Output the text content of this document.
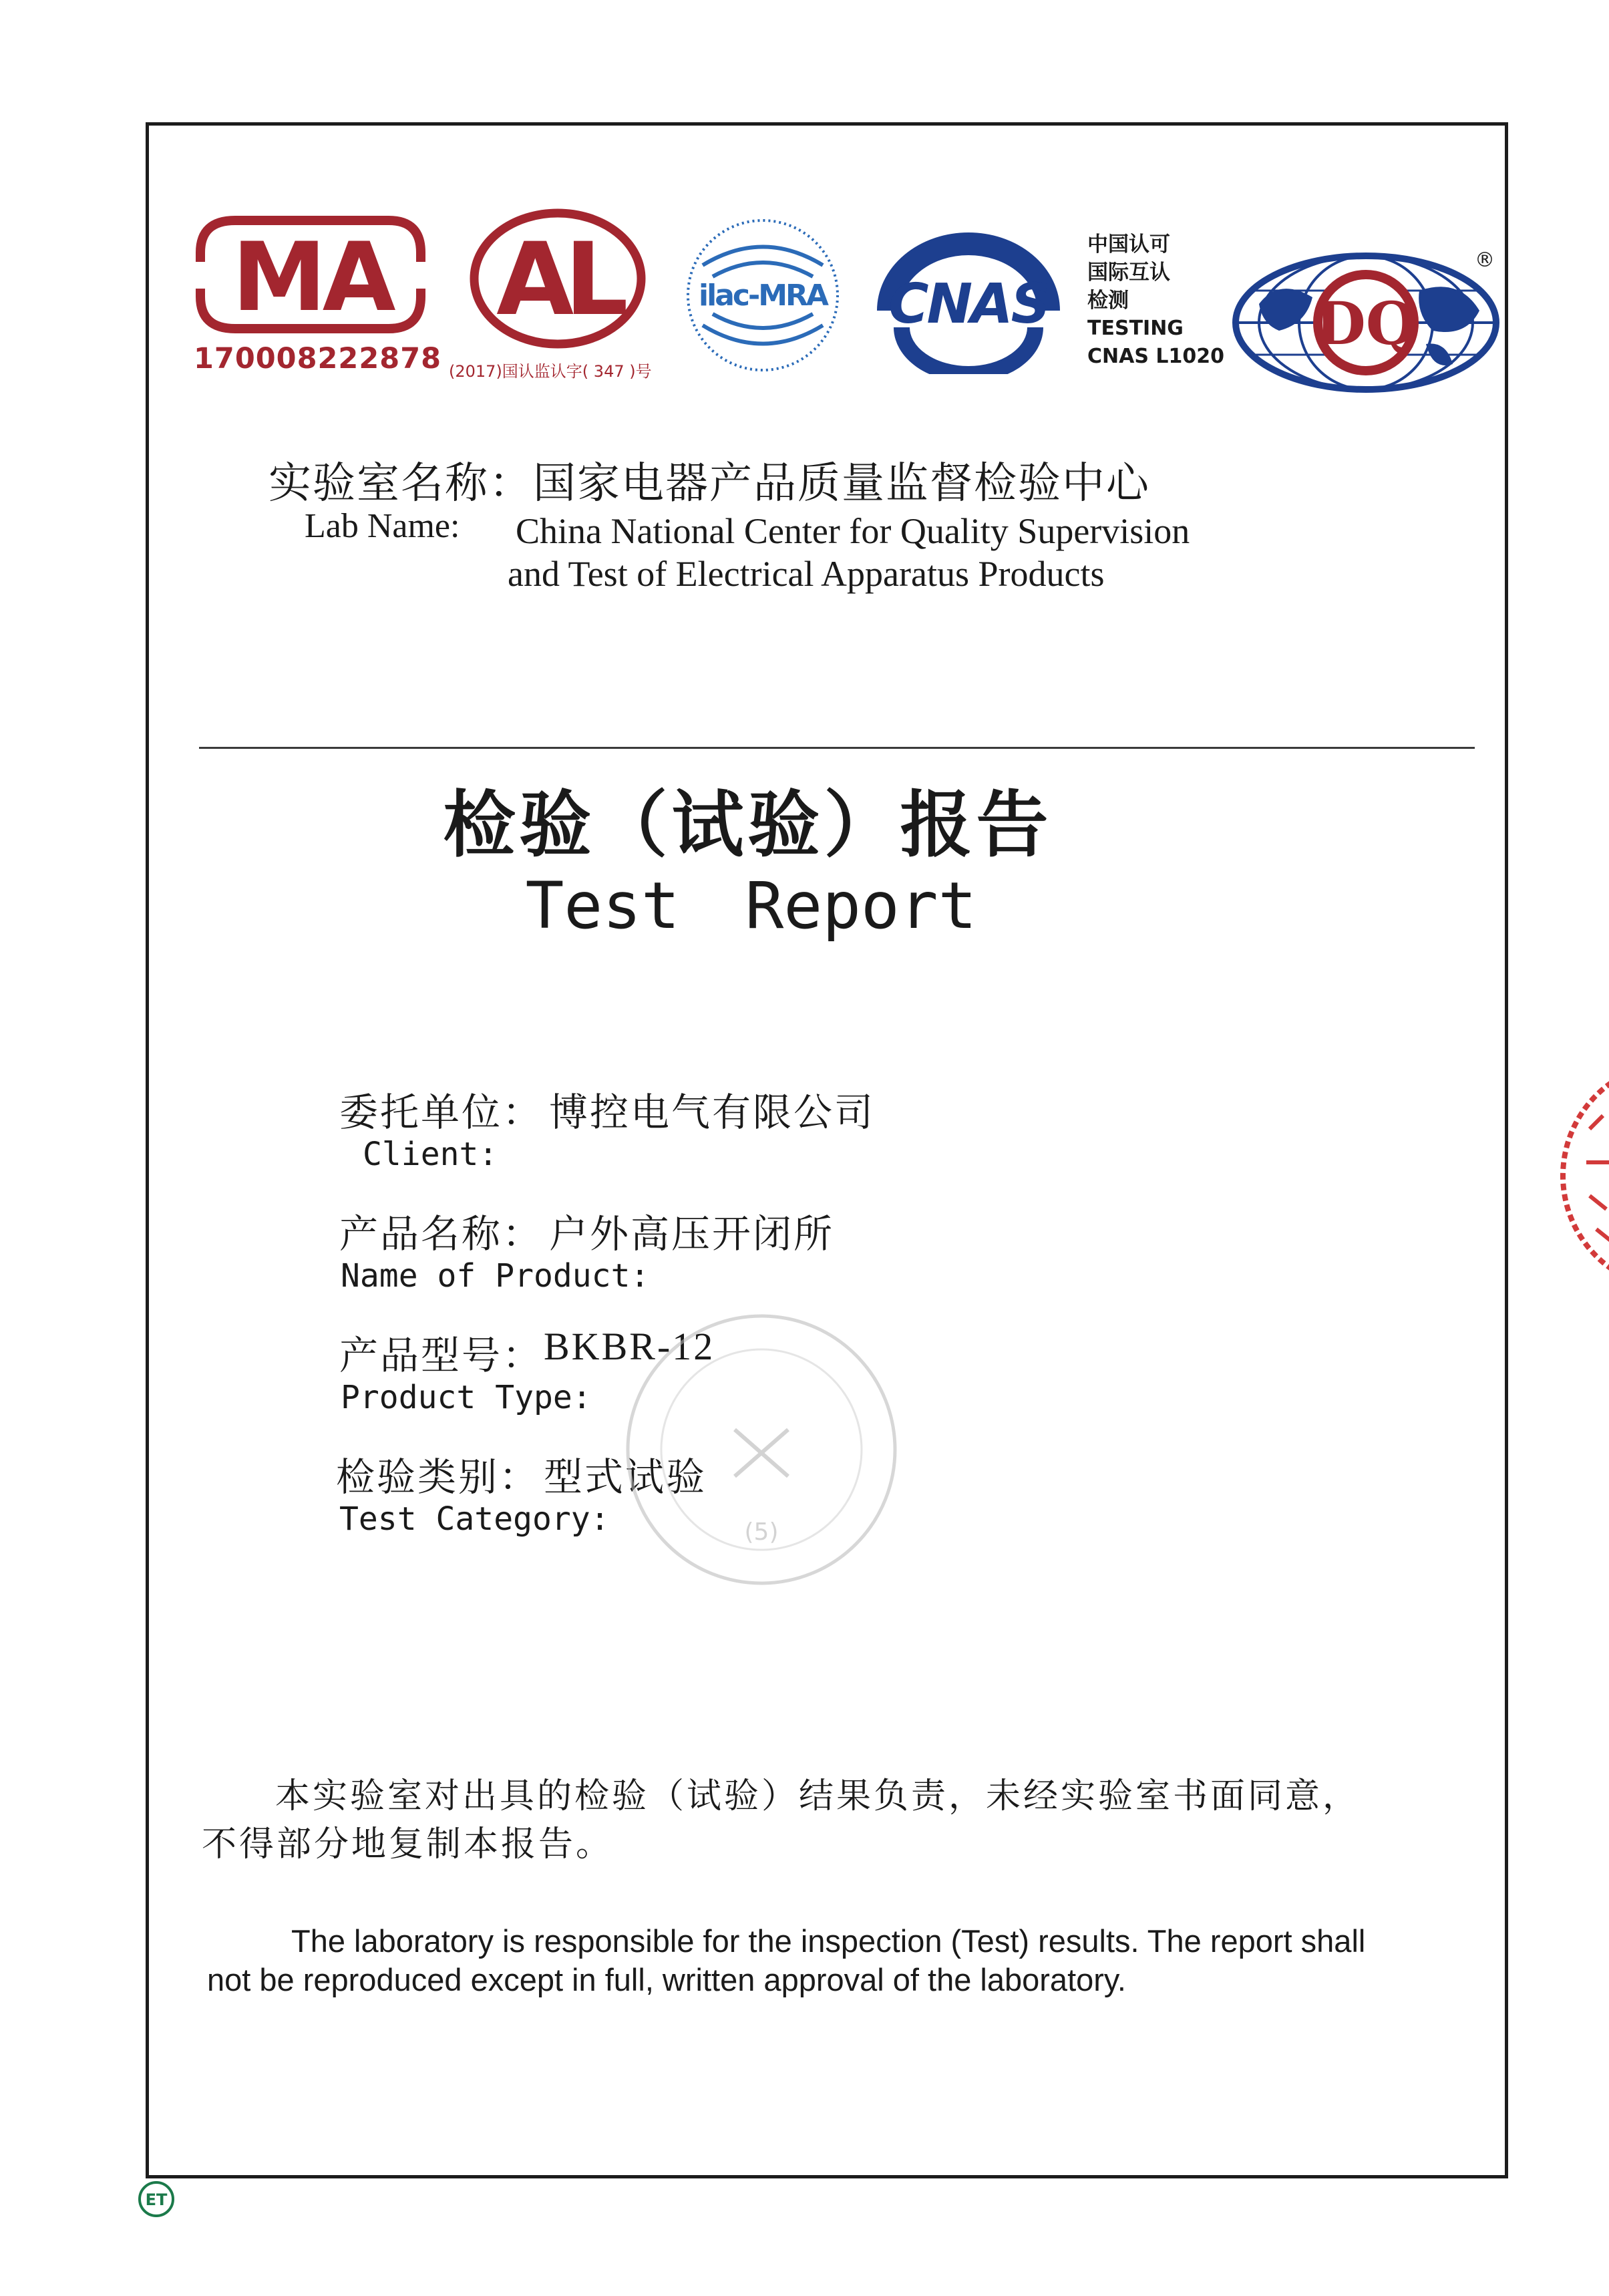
MA
170008222878
AL
(2017)国认监认字( 347 )号
ilac-MRA CNAS
中国认可
国际互认
检测
TESTING
CNAS L1020 DQ
®
实验室名称：国家电器产品质量监督检验中心
Lab Name: China National Center for Quality Supervision
and Test of Electrical Apparatus Products
检验（试验）报告
Test Report
委托单位： 博控电气有限公司
Client:
产品名称： 户外高压开闭所
Name of Product:
产品型号： BKBR-12
Product Type:
检验类别： 型式试验
Test Category:	(5)
本实验室对出具的检验（试验）结果负责，未经实验室书面同意，
不得部分地复制本报告。
The laboratory is responsible for the inspection (Test) results. The report shall
not be reproduced except in full, written approval of the laboratory.
ET
